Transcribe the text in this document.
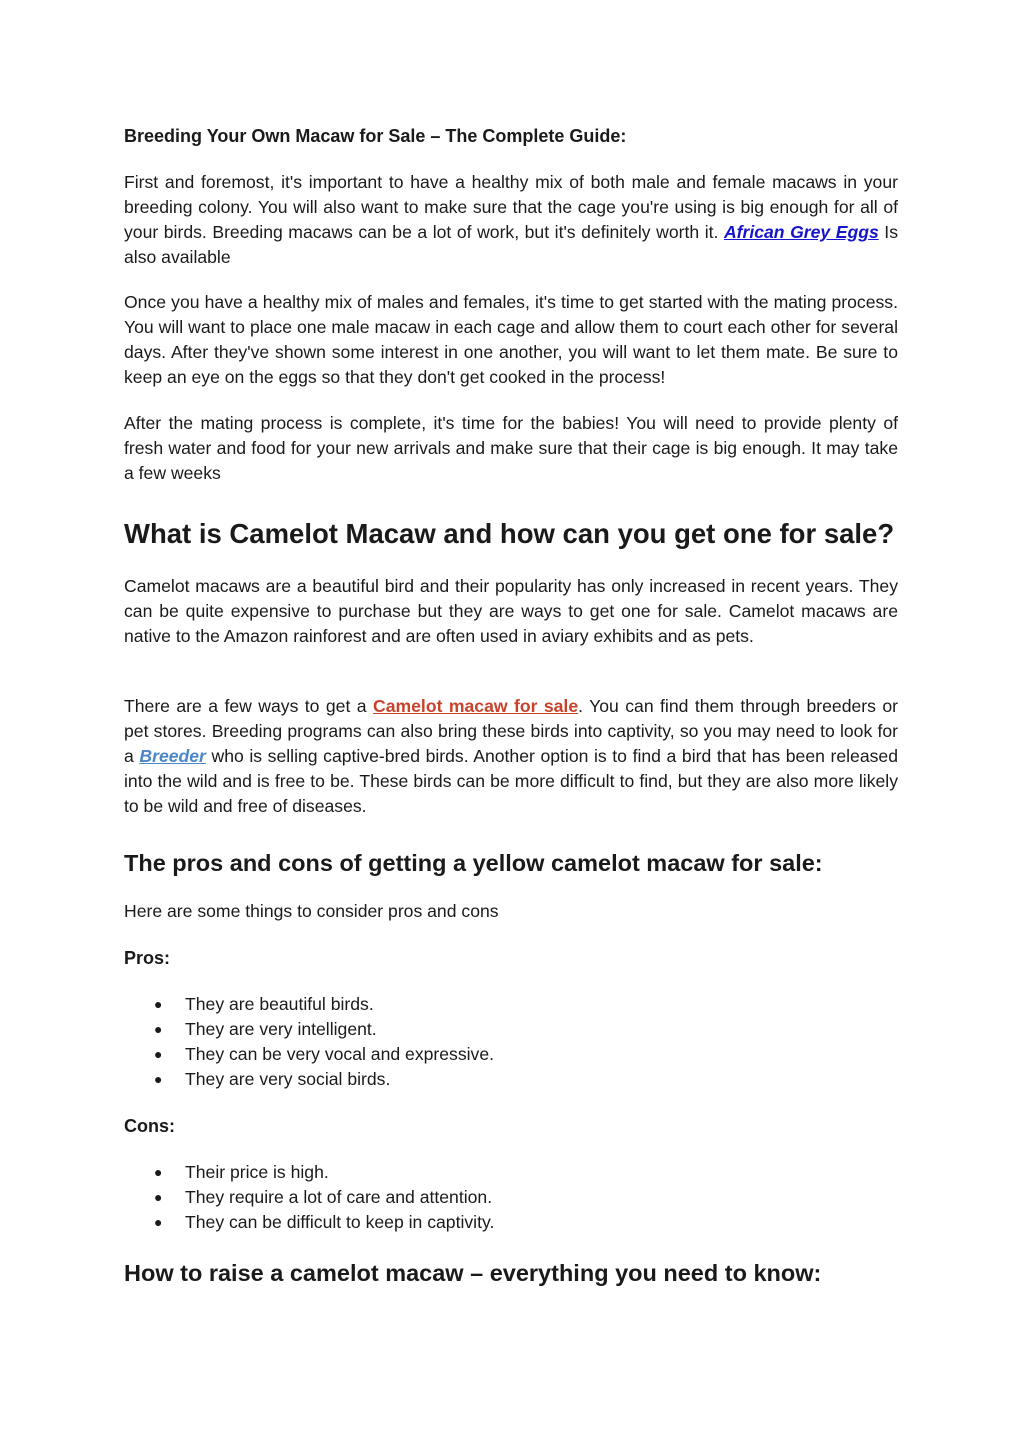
Breeding Your Own Macaw for Sale – The Complete Guide:

First and foremost, it's important to have a healthy mix of both male and female macaws in your breeding colony. You will also want to make sure that the cage you're using is big enough for all of your birds. Breeding macaws can be a lot of work, but it's definitely worth it. African Grey Eggs Is also available

Once you have a healthy mix of males and females, it's time to get started with the mating process. You will want to place one male macaw in each cage and allow them to court each other for several days. After they've shown some interest in one another, you will want to let them mate. Be sure to keep an eye on the eggs so that they don't get cooked in the process!

After the mating process is complete, it's time for the babies! You will need to provide plenty of fresh water and food for your new arrivals and make sure that their cage is big enough. It may take a few weeks

What is Camelot Macaw and how can you get one for sale?

Camelot macaws are a beautiful bird and their popularity has only increased in recent years. They can be quite expensive to purchase but they are ways to get one for sale. Camelot macaws are native to the Amazon rainforest and are often used in aviary exhibits and as pets.

There are a few ways to get a Camelot macaw for sale. You can find them through breeders or pet stores. Breeding programs can also bring these birds into captivity, so you may need to look for a Breeder who is selling captive-bred birds. Another option is to find a bird that has been released into the wild and is free to be. These birds can be more difficult to find, but they are also more likely to be wild and free of diseases.

The pros and cons of getting a yellow camelot macaw for sale:

Here are some things to consider pros and cons

Pros:
● They are beautiful birds.
● They are very intelligent.
● They can be very vocal and expressive.
● They are very social birds.
Cons:
● Their price is high.
● They require a lot of care and attention.
● They can be difficult to keep in captivity.
How to raise a camelot macaw – everything you need to know:
